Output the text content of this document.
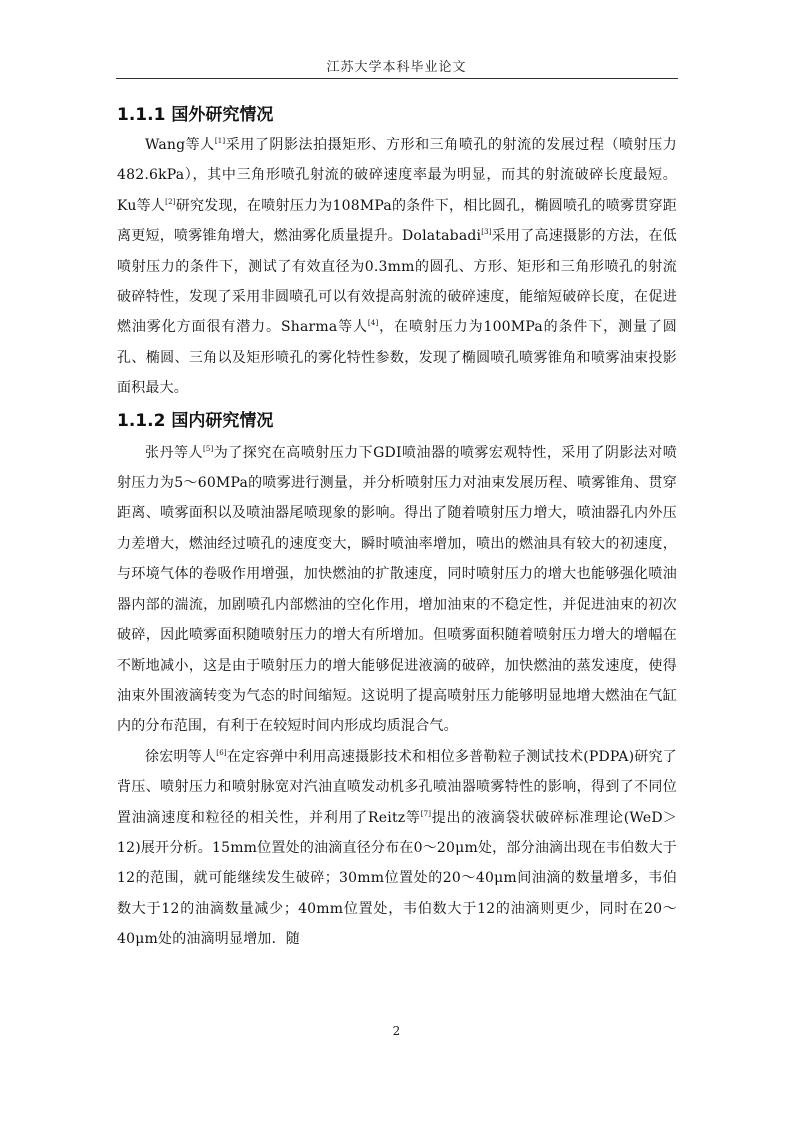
江苏大学本科毕业论文
1.1.1 国外研究情况

Wang等人[1]采用了阴影法拍摄矩形、方形和三角喷孔的射流的发展过程（喷射压力482.6kPa），其中三角形喷孔射流的破碎速度率最为明显，而其的射流破碎长度最短。Ku等人[2]研究发现，在喷射压力为108MPa的条件下，相比圆孔，椭圆喷孔的喷雾贯穿距离更短，喷雾锥角增大，燃油雾化质量提升。Dolatabadi[3]采用了高速摄影的方法，在低喷射压力的条件下，测试了有效直径为0.3mm的圆孔、方形、矩形和三角形喷孔的射流破碎特性，发现了采用非圆喷孔可以有效提高射流的破碎速度，能缩短破碎长度，在促进燃油雾化方面很有潜力。Sharma等人[4]，在喷射压力为100MPa的条件下，测量了圆孔、椭圆、三角以及矩形喷孔的雾化特性参数，发现了椭圆喷孔喷雾锥角和喷雾油束投影面积最大。

1.1.2 国内研究情况

张丹等人[5]为了探究在高喷射压力下GDI喷油器的喷雾宏观特性，采用了阴影法对喷射压力为5～60MPa的喷雾进行测量，并分析喷射压力对油束发展历程、喷雾锥角、贯穿距离、喷雾面积以及喷油器尾喷现象的影响。得出了随着喷射压力增大，喷油器孔内外压力差增大，燃油经过喷孔的速度变大，瞬时喷油率增加，喷出的燃油具有较大的初速度，与环境气体的卷吸作用增强，加快燃油的扩散速度，同时喷射压力的增大也能够强化喷油器内部的湍流，加剧喷孔内部燃油的空化作用，增加油束的不稳定性，并促进油束的初次破碎，因此喷雾面积随喷射压力的增大有所增加。但喷雾面积随着喷射压力增大的增幅在不断地减小，这是由于喷射压力的增大能够促进液滴的破碎，加快燃油的蒸发速度，使得油束外围液滴转变为气态的时间缩短。这说明了提高喷射压力能够明显地增大燃油在气缸内的分布范围，有利于在较短时间内形成均质混合气。

徐宏明等人[6]在定容弹中利用高速摄影技术和相位多普勒粒子测试技术(PDPA)研究了背压、喷射压力和喷射脉宽对汽油直喷发动机多孔喷油器喷雾特性的影响，得到了不同位置油滴速度和粒径的相关性，并利用了Reitz等[7]提出的液滴袋状破碎标准理论(WeD＞12)展开分析。15mm位置处的油滴直径分布在0～20μm处，部分油滴出现在韦伯数大于12的范围，就可能继续发生破碎；30mm位置处的20～40μm间油滴的数量增多，韦伯数大于12的油滴数量减少；40mm位置处，韦伯数大于12的油滴则更少，同时在20～40μm处的油滴明显增加．随

2
